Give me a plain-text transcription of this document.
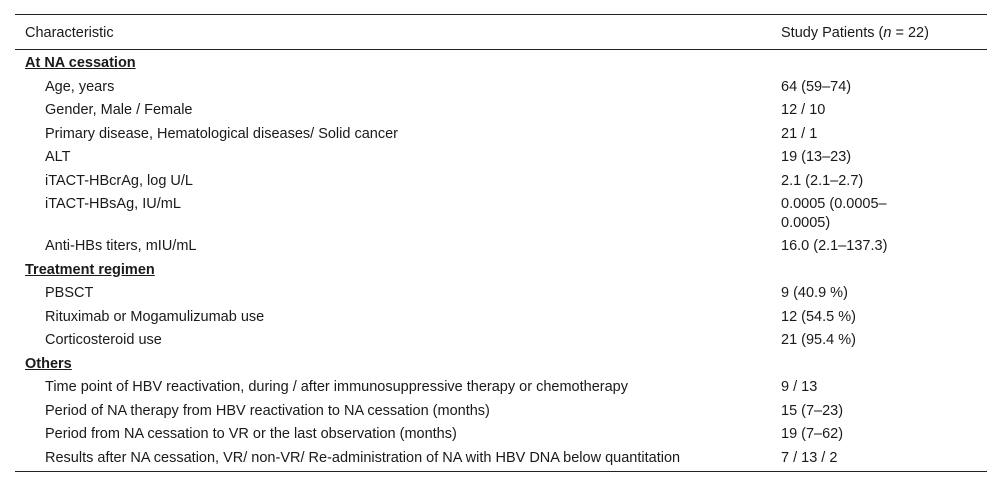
Characteristic	Study Patients (n = 22)
At NA cessation	
Age, years	64 (59–74)
Gender, Male / Female	12 / 10
Primary disease, Hematological diseases/ Solid cancer	21 / 1
ALT	19 (13–23)
iTACT-HBcrAg, log U/L	2.1 (2.1–2.7)
iTACT-HBsAg, IU/mL	0.0005 (0.0005–0.0005)
Anti-HBs titers, mIU/mL	16.0 (2.1–137.3)
Treatment regimen	
PBSCT	9 (40.9 %)
Rituximab or Mogamulizumab use	12 (54.5 %)
Corticosteroid use	21 (95.4 %)
Others	
Time point of HBV reactivation, during / after immunosuppressive therapy or chemotherapy	9 / 13
Period of NA therapy from HBV reactivation to NA cessation (months)	15 (7–23)
Period from NA cessation to VR or the last observation (months)	19 (7–62)
Results after NA cessation, VR/ non-VR/ Re-administration of NA with HBV DNA below quantitation	7 / 13 / 2
